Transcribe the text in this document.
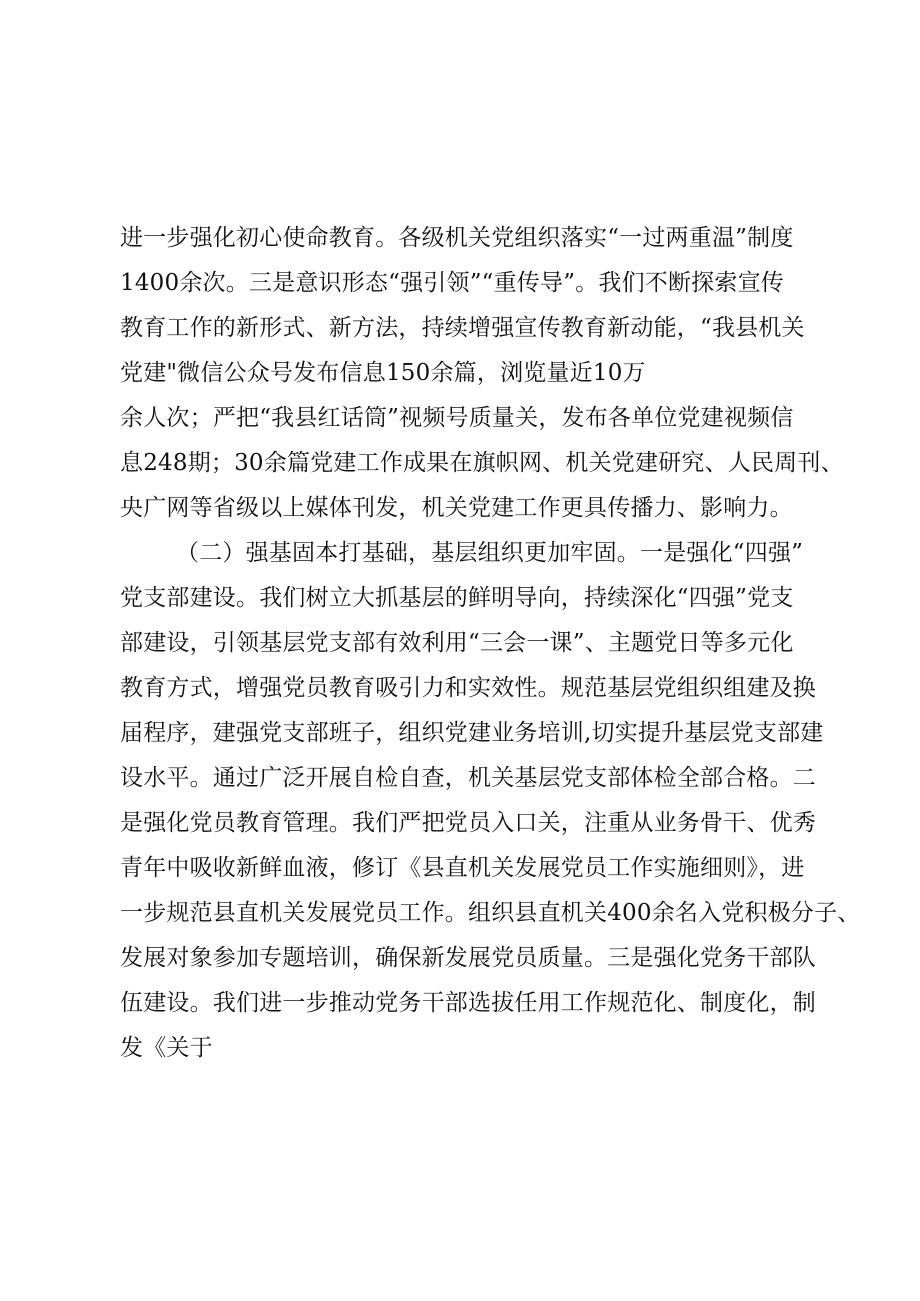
进一步强化初心使命教育。各级机关党组织落实“一过两重温”制度
1400余次。三是意识形态“强引领”“重传导”。我们不断探索宣传
教育工作的新形式、新方法，持续增强宣传教育新动能，“我县机关
党建"微信公众号发布信息150余篇，浏览量近10万
余人次；严把“我县红话筒”视频号质量关，发布各单位党建视频信
息248期；30余篇党建工作成果在旗帜网、机关党建研究、人民周刊、
央广网等省级以上媒体刊发，机关党建工作更具传播力、影响力。
（二）强基固本打基础，基层组织更加牢固。一是强化“四强”
党支部建设。我们树立大抓基层的鲜明导向，持续深化“四强”党支
部建设，引领基层党支部有效利用“三会一课”、主题党日等多元化
教育方式，增强党员教育吸引力和实效性。规范基层党组织组建及换
届程序，建强党支部班子，组织党建业务培训,切实提升基层党支部建
设水平。通过广泛开展自检自查，机关基层党支部体检全部合格。二
是强化党员教育管理。我们严把党员入口关，注重从业务骨干、优秀
青年中吸收新鲜血液，修订《县直机关发展党员工作实施细则》，进
一步规范县直机关发展党员工作。组织县直机关400余名入党积极分子、
发展对象参加专题培训，确保新发展党员质量。三是强化党务干部队
伍建设。我们进一步推动党务干部选拔任用工作规范化、制度化，制
发《关于
